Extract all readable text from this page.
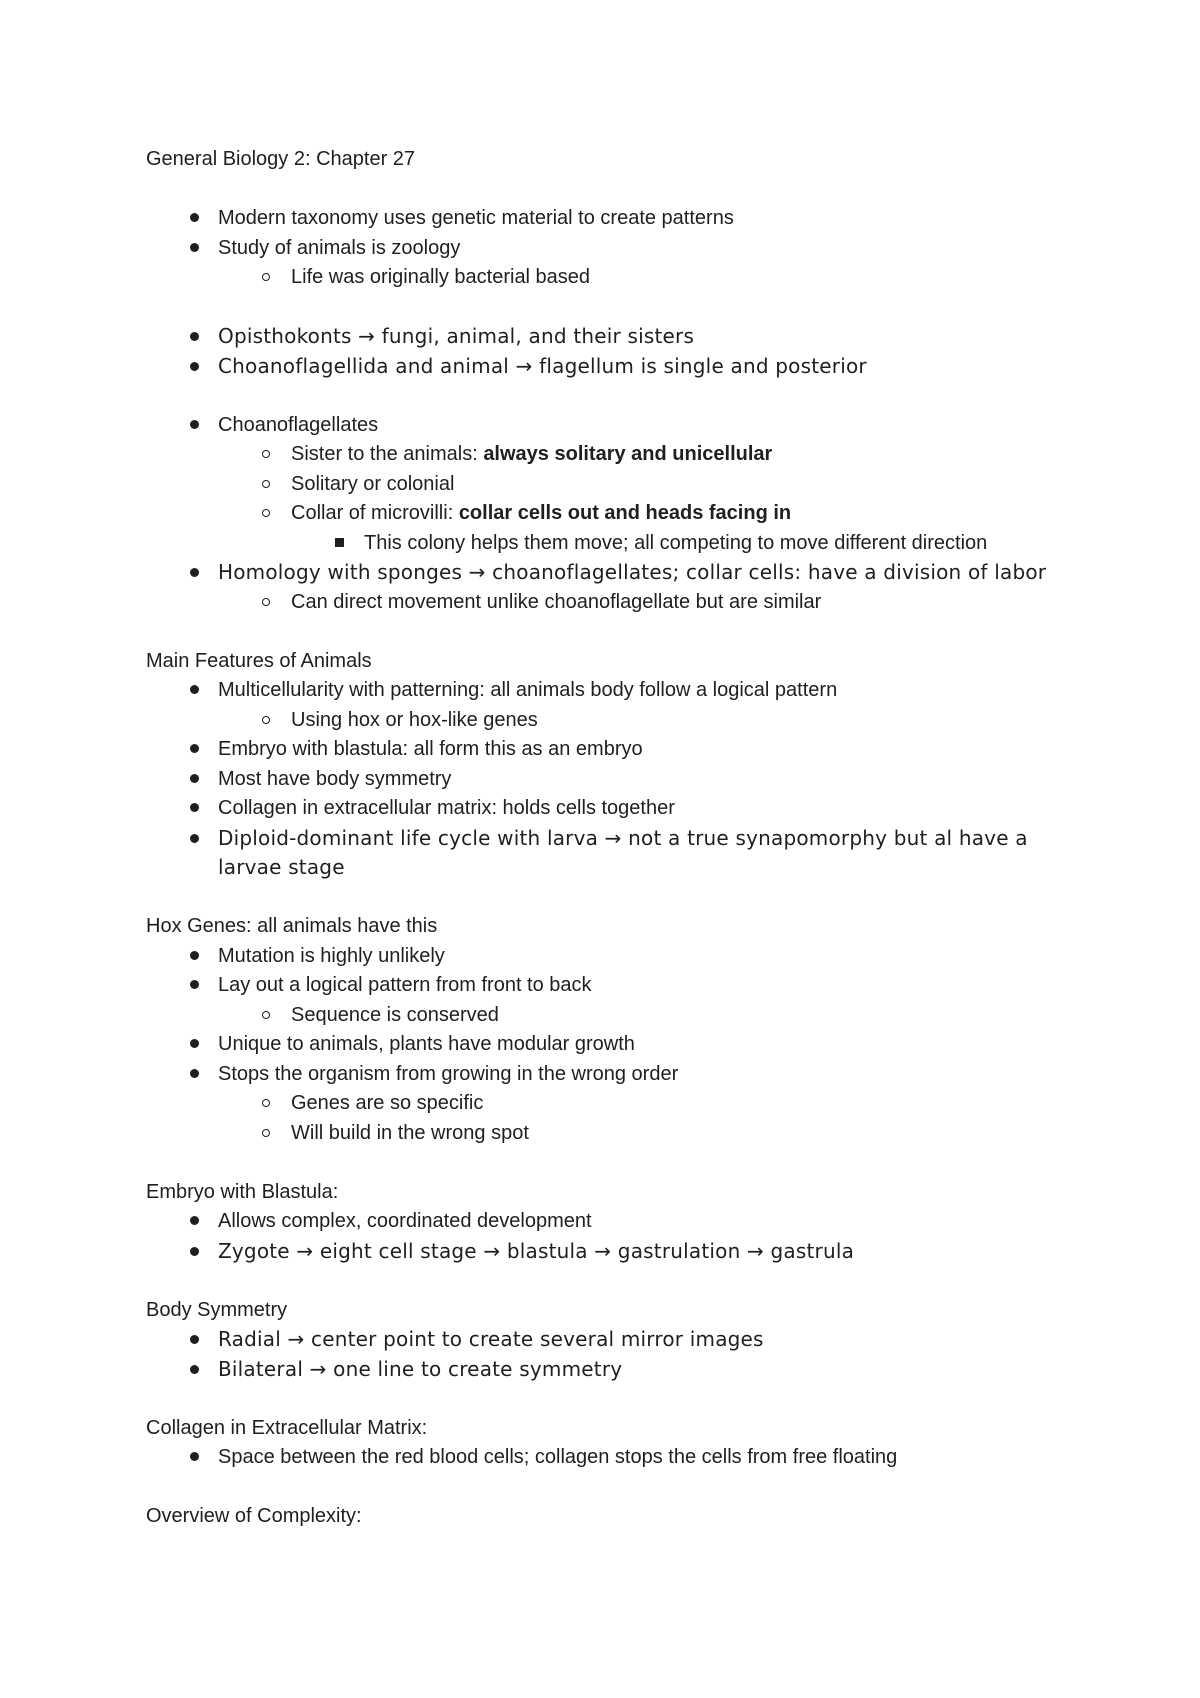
General Biology 2: Chapter 27

Modern taxonomy uses genetic material to create patterns
Study of animals is zoology
Life was originally bacterial based
Opisthokonts → fungi, animal, and their sisters
Choanoflagellida and animal → flagellum is single and posterior
Choanoflagellates
Sister to the animals: always solitary and unicellular
Solitary or colonial
Collar of microvilli: collar cells out and heads facing in
This colony helps them move; all competing to move different direction
Homology with sponges → choanoflagellates; collar cells: have a division of labor
Can direct movement unlike choanoflagellate but are similar

Main Features of Animals

Multicellularity with patterning: all animals body follow a logical pattern
Using hox or hox-like genes
Embryo with blastula: all form this as an embryo
Most have body symmetry
Collagen in extracellular matrix: holds cells together
Diploid-dominant life cycle with larva → not a true synapomorphy but al have a larvae stage

Hox Genes: all animals have this

Mutation is highly unlikely
Lay out a logical pattern from front to back
Sequence is conserved
Unique to animals, plants have modular growth
Stops the organism from growing in the wrong order
Genes are so specific
Will build in the wrong spot

Embryo with Blastula:

Allows complex, coordinated development
Zygote → eight cell stage → blastula → gastrulation → gastrula

Body Symmetry

Radial → center point to create several mirror images
Bilateral → one line to create symmetry

Collagen in Extracellular Matrix:

Space between the red blood cells; collagen stops the cells from free floating

Overview of Complexity:
